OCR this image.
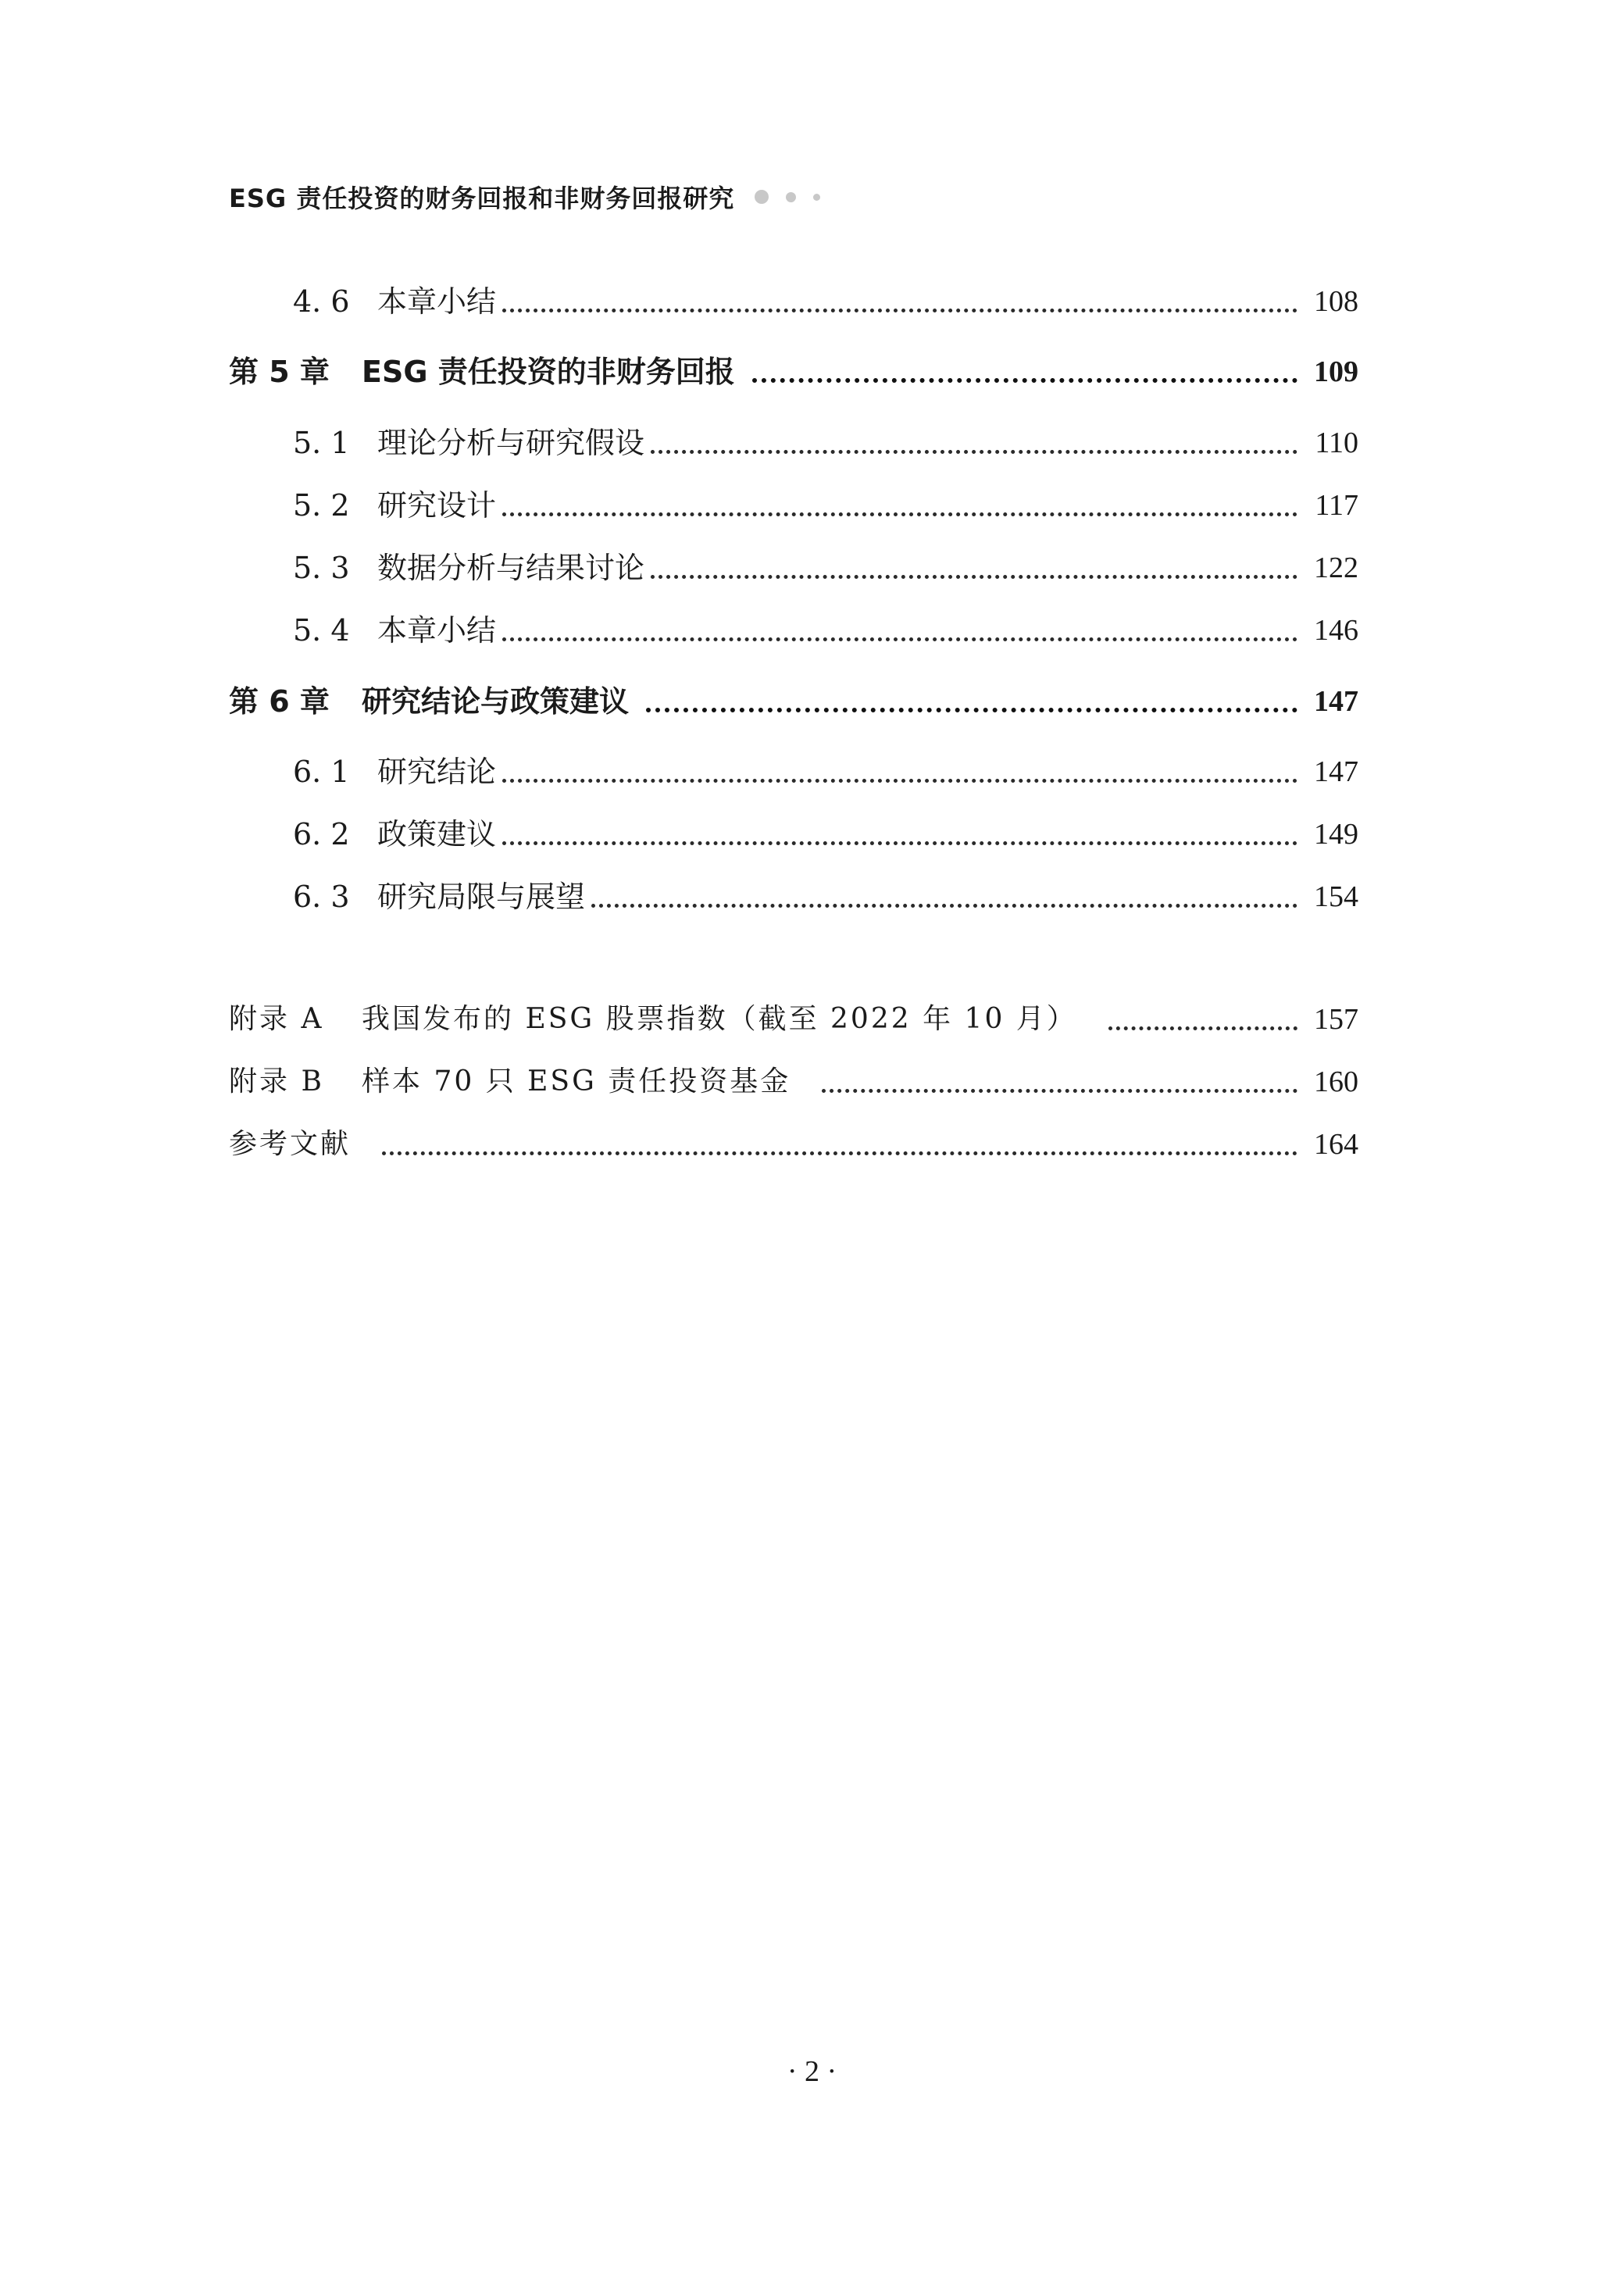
ESG 责任投资的财务回报和非财务回报研究
4. 6 本章小结	108
第 5 章	ESG 责任投资的非财务回报	109
5. 1 理论分析与研究假设	110
5. 2 研究设计	117
5. 3 数据分析与结果讨论	122
5. 4 本章小结	146
第 6 章	研究结论与政策建议	147
6. 1 研究结论	147
6. 2 政策建议	149
6. 3 研究局限与展望	154
附录 A	我国发布的 ESG 股票指数（截至 2022 年 10 月）	157
附录 B	样本 70 只 ESG 责任投资基金	160
参考文献	164
· 2 ·
